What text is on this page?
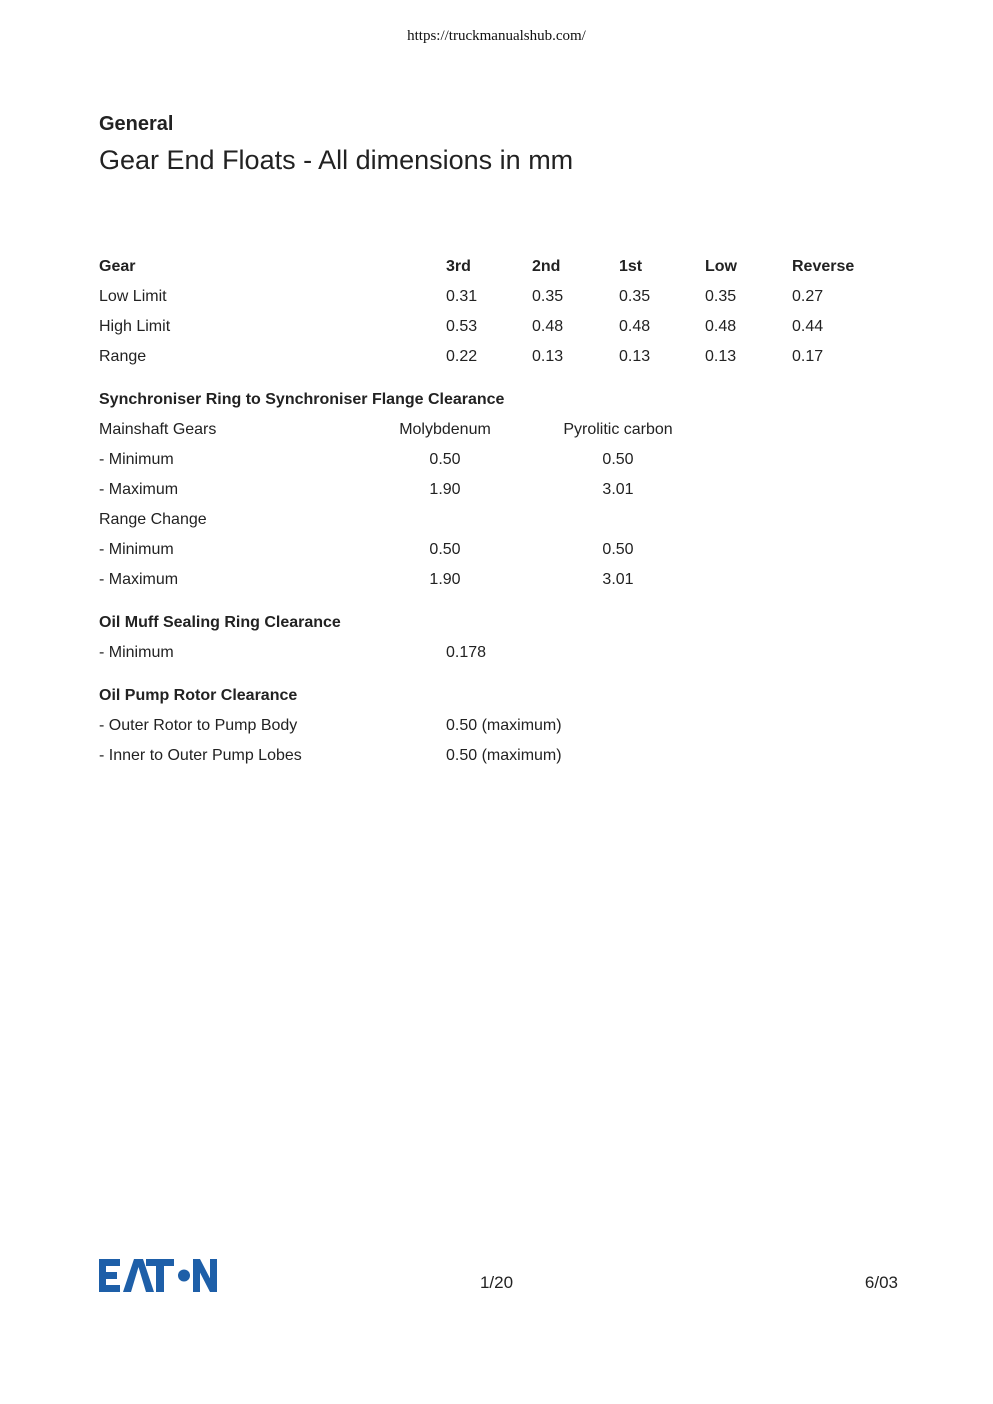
https://truckmanualshub.com/
General
Gear End Floats - All dimensions in mm
Gear	3rd	2nd	1st	Low	Reverse
Low Limit	0.31	0.35	0.35	0.35	0.27
High Limit	0.53	0.48	0.48	0.48	0.44
Range	0.22	0.13	0.13	0.13	0.17
Synchroniser Ring to Synchroniser Flange Clearance
Mainshaft Gears	Molybdenum	Pyrolitic carbon
- Minimum	0.50	0.50
- Maximum	1.90	3.01
Range Change
- Minimum	0.50	0.50
- Maximum	1.90	3.01
Oil Muff Sealing Ring Clearance
- Minimum	0.178
Oil Pump Rotor Clearance
- Outer Rotor to Pump Body	0.50 (maximum)
- Inner to Outer Pump Lobes	0.50 (maximum)
1/20	6/03
